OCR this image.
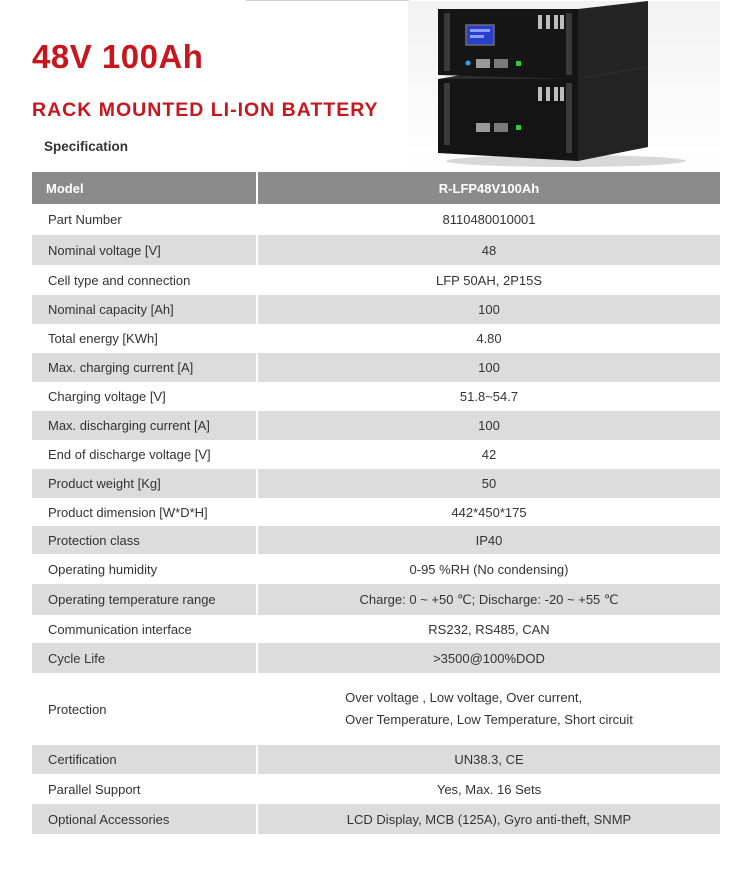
48V 100Ah
RACK MOUNTED LI-ION BATTERY
Specification
Model	R-LFP48V100Ah
Part Number	8110480010001
Nominal voltage [V]	48
Cell type and connection	LFP 50AH, 2P15S
Nominal capacity [Ah]	100
Total energy [KWh]	4.80
Max. charging current [A]	100
Charging voltage [V]	51.8~54.7
Max. discharging current [A]	100
End of discharge voltage [V]	42
Product weight [Kg]	50
Product dimension [W*D*H]	442*450*175
Protection class	IP40
Operating humidity	0-95 %RH (No condensing)
Operating temperature range	Charge: 0 ~ +50 ℃; Discharge: -20 ~ +55 ℃
Communication interface	RS232, RS485, CAN
Cycle Life	>3500@100%DOD
Protection	Over voltage , Low voltage, Over current,
Over Temperature, Low Temperature, Short circuit
Certification	UN38.3, CE
Parallel Support	Yes, Max. 16 Sets
Optional Accessories	LCD Display, MCB (125A), Gyro anti-theft, SNMP
